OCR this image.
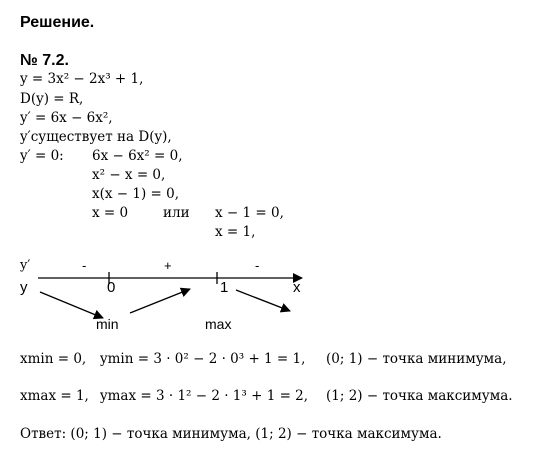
Решение.
№ 7.2.
y = 3x² − 2x³ + 1,
D(y) = R,
y′ = 6x − 6x²,
y′существует на D(y),
y′ = 0: 6x − 6x² = 0,
x² − x = 0,
x(x − 1) = 0,
x = 0	или x − 1 = 0,
x = 1,
y′
y	x
0	1
-	+	-
min	max
xmin = 0, ymin = 3 · 0² − 2 · 0³ + 1 = 1, (0; 1) − точка минимума,
xmax = 1, ymax = 3 · 1² − 2 · 1³ + 1 = 2, (1; 2) − точка максимума.
Ответ: (0; 1) − точка минимума, (1; 2) − точка максимума.
